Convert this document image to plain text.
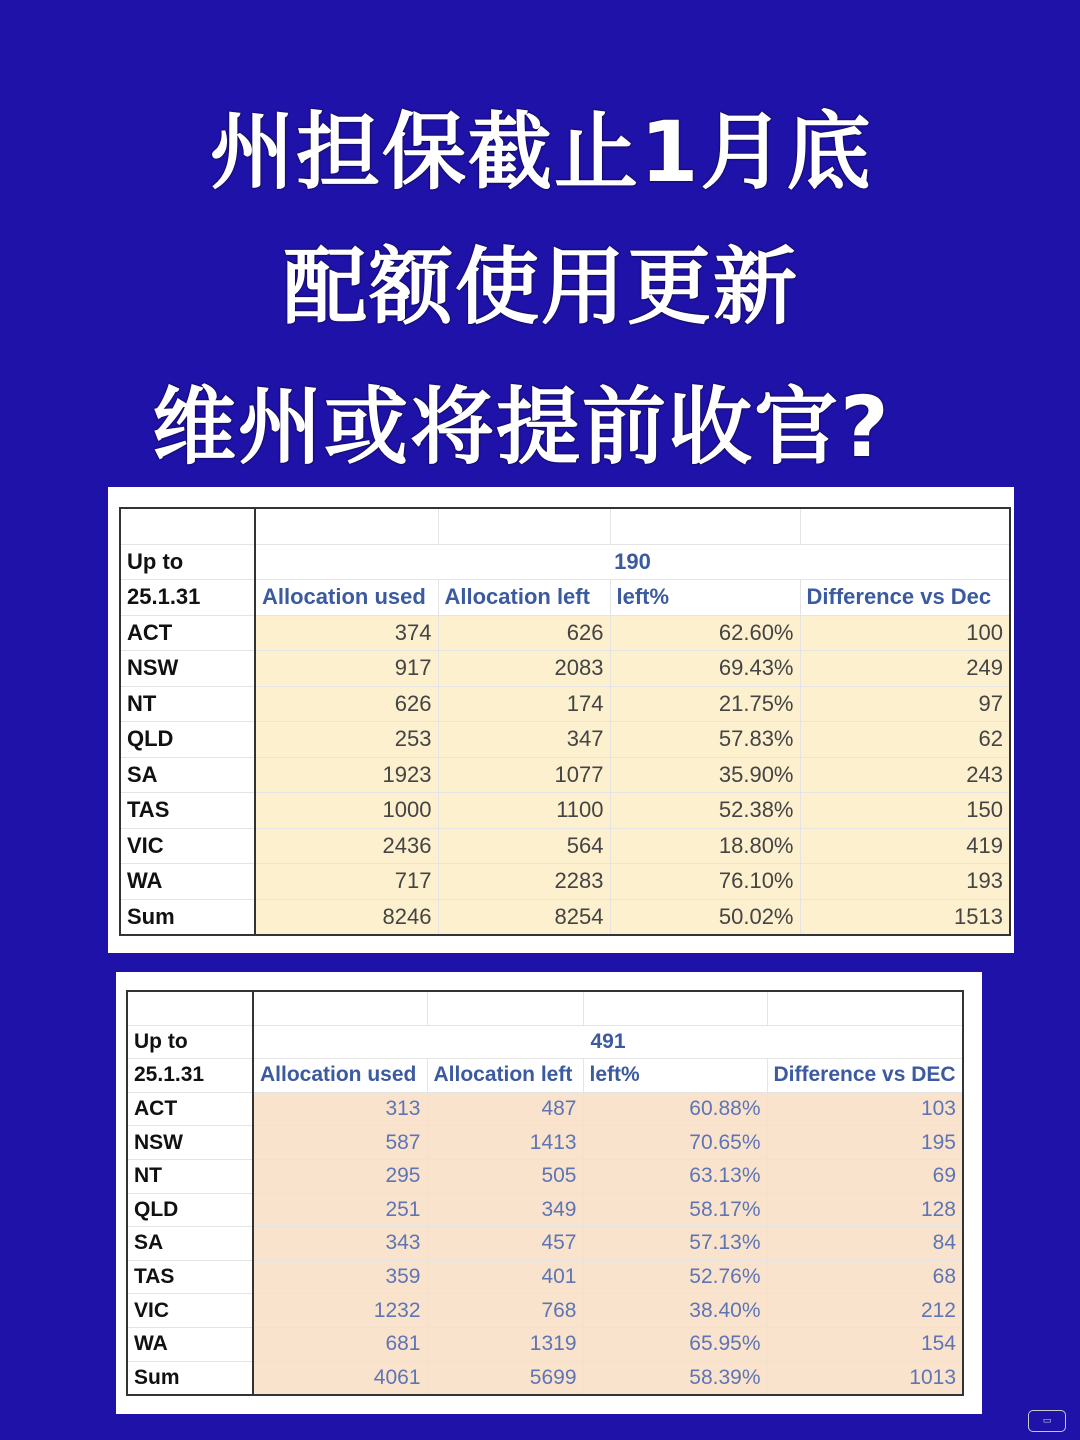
州担保截止1月底
配额使用更新
维州或将提前收官?

Up to	190			
25.1.31	Allocation used	Allocation left	left%	Difference vs Dec
ACT	374	626	62.60%	100
NSW	917	2083	69.43%	249
NT	626	174	21.75%	97
QLD	253	347	57.83%	62
SA	1923	1077	35.90%	243
TAS	1000	1100	52.38%	150
VIC	2436	564	18.80%	419
WA	717	2283	76.10%	193
Sum	8246	8254	50.02%	1513

Up to	491			
25.1.31	Allocation used	Allocation left	left%	Difference vs DEC
ACT	313	487	60.88%	103
NSW	587	1413	70.65%	195
NT	295	505	63.13%	69
QLD	251	349	58.17%	128
SA	343	457	57.13%	84
TAS	359	401	52.76%	68
VIC	1232	768	38.40%	212
WA	681	1319	65.95%	154
Sum	4061	5699	58.39%	1013
▭
